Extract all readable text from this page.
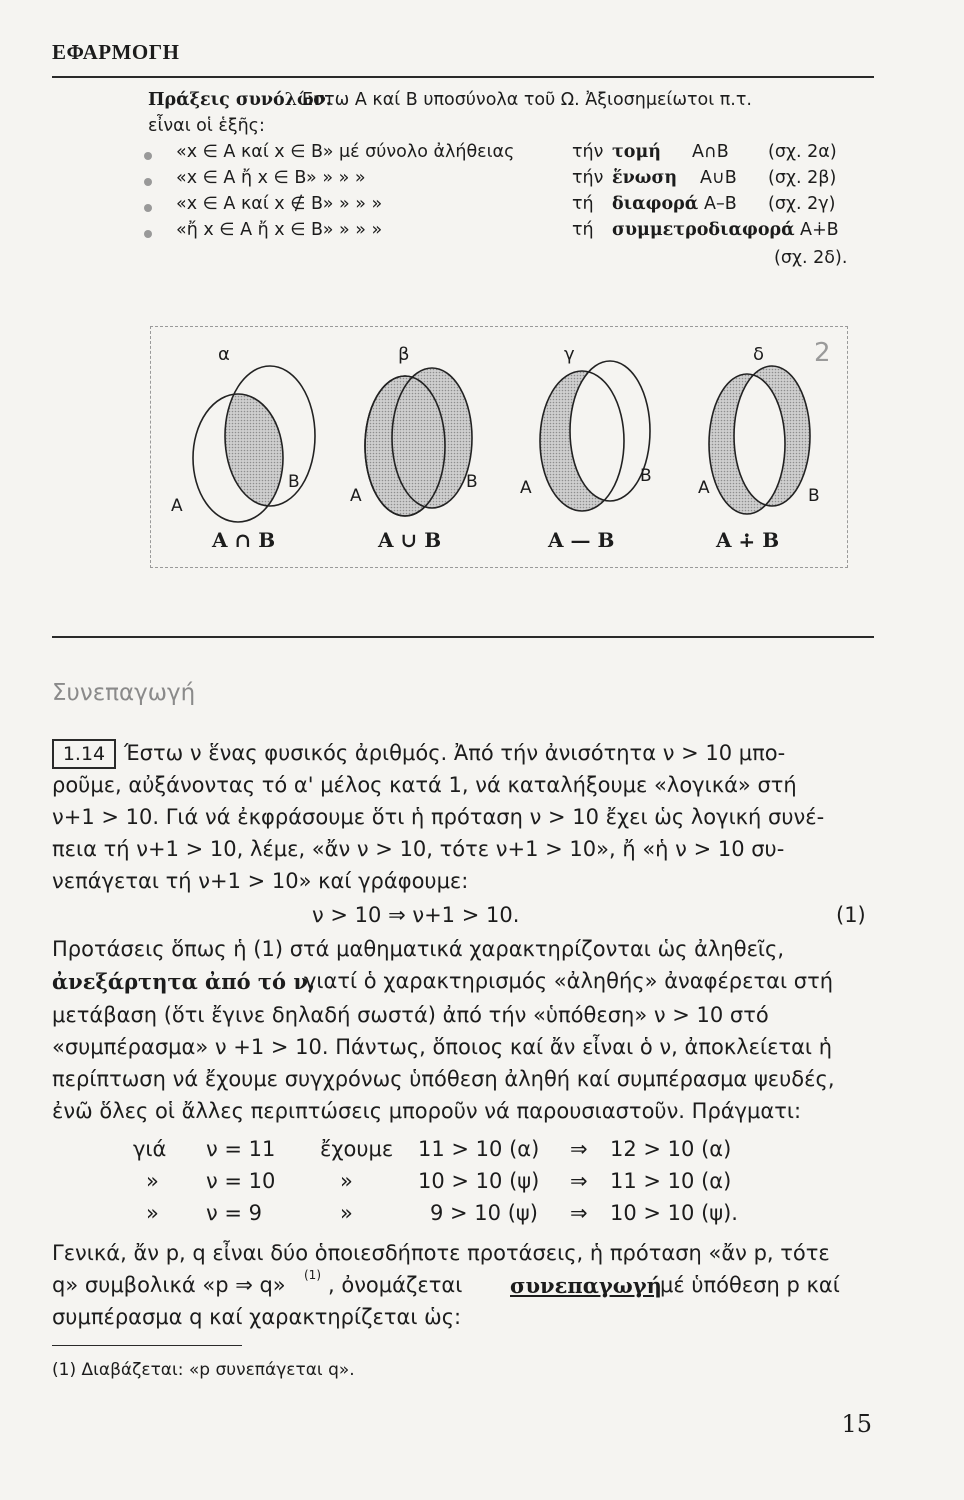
ΕΦΑΡΜΟΓΗ
Πράξεις συνόλων.
Έστω A καί B υποσύνολα τοῦ Ω. Ἀξιοσημείωτοι π.τ.
εἶναι οἱ ἑξῆς:
«x ∈ A καί x ∈ B» μέ σύνολο ἀλήθειας	τήν τομή A∩B (σχ. 2α)
«x ∈ A ἤ x ∈ B» » » »	τήν ἕνωση A∪B (σχ. 2β)
«x ∈ A καί x ∉ B» » » »	τή διαφορά A–B (σχ. 2γ)
«ἤ x ∈ A ἤ x ∈ B» » » »	τή συμμετροδιαφορά A∔B
(σχ. 2δ).
α	β	γ	δ 2
A
B
A
B A
B
A	B
A ∩ B	A ∪ B	A — B	A ∔ B
Συνεπαγωγή
1.14 Έστω ν ἕνας φυσικός ἀριθμός. Ἀπό τήν ἀνισότητα ν > 10 μπο-
ροῦμε, αὐξάνοντας τό α' μέλος κατά 1, νά καταλήξουμε «λογικά» στή
ν+1 > 10. Γιά νά ἐκφράσουμε ὅτι ἡ πρόταση ν > 10 ἔχει ὡς λογική συνέ-
πεια τή ν+1 > 10, λέμε, «ἄν ν > 10, τότε ν+1 > 10», ἤ «ἡ ν > 10 συ-
νεπάγεται τή ν+1 > 10» καί γράφουμε:
ν > 10 ⇒ ν+1 > 10.	(1)
Προτάσεις ὅπως ἡ (1) στά μαθηματικά χαρακτηρίζονται ὡς ἀληθεῖς,
ἀνεξάρτητα ἀπό τό ν,
γιατί ὁ χαρακτηρισμός «ἀληθής» ἀναφέρεται στή
μετάβαση (ὅτι ἔγινε δηλαδή σωστά) ἀπό τήν «ὑπόθεση» ν > 10 στό
«συμπέρασμα» ν +1 > 10. Πάντως, ὅποιος καί ἄν εἶναι ὁ ν, ἀποκλείεται ἡ
περίπτωση νά ἔχουμε συγχρόνως ὑπόθεση ἀληθή καί συμπέρασμα ψευδές,
ἐνῶ ὅλες οἱ ἄλλες περιπτώσεις μποροῦν νά παρουσιαστοῦν. Πράγματι:
γιά ν = 11 ἔχουμε 11 > 10 (α) ⇒ 12 > 10 (α)
» ν = 10	»	10 > 10 (ψ) ⇒ 11 > 10 (α)
» ν = 9	»	9 > 10 (ψ) ⇒ 10 > 10 (ψ).
Γενικά, ἄν p, q εἶναι δύο ὁποιεσδήποτε προτάσεις, ἡ πρόταση «ἄν p, τότε
q» συμβολικά «p ⇒ q» (1) , ὀνομάζεται συνεπαγωγή
μέ ὑπόθεση p καί
συμπέρασμα q καί χαρακτηρίζεται ὡς:
(1) Διαβάζεται: «p συνεπάγεται q».
15
